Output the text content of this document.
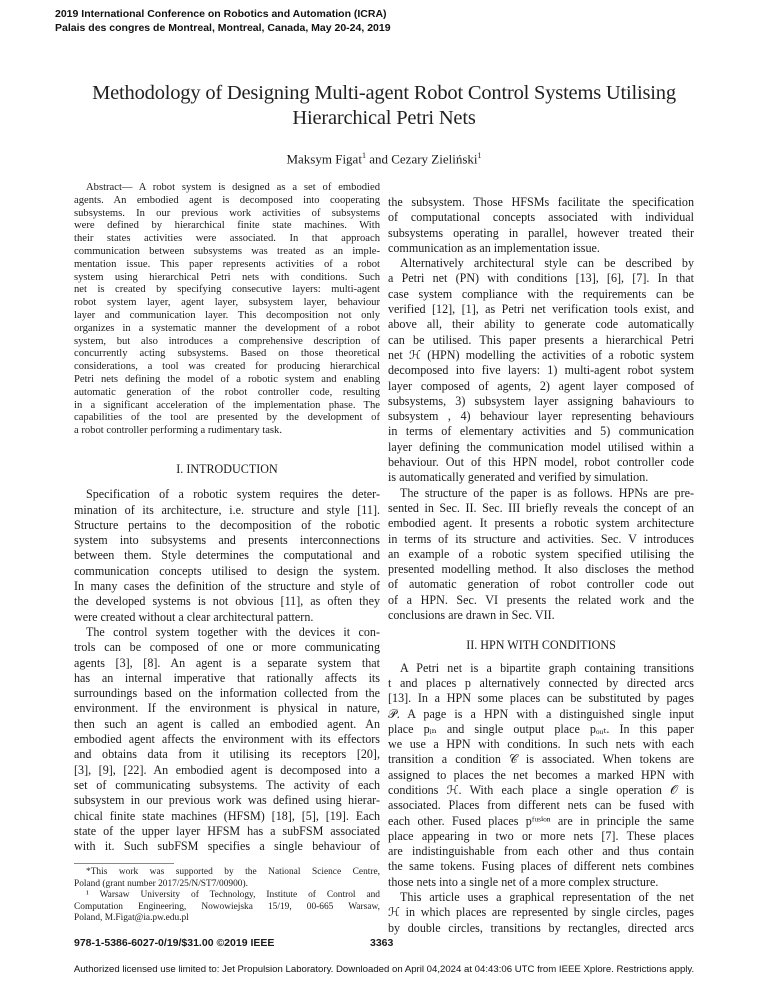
2019 International Conference on Robotics and Automation (ICRA)
Palais des congres de Montreal, Montreal, Canada, May 20-24, 2019
Methodology of Designing Multi-agent Robot Control Systems Utilising
Hierarchical Petri Nets
Maksym Figat$^1$ and Cezary Zieliński$^1$
Abstract— A robot system is designed as a set of embodied
agents. An embodied agent is decomposed into cooperating
subsystems. In our previous work activities of subsystems
were defined by hierarchical finite state machines. With
their states activities were associated. In that approach
communication between subsystems was treated as an imple-
mentation issue. This paper represents activities of a robot
system using hierarchical Petri nets with conditions. Such
net is created by specifying consecutive layers: multi-agent
robot system layer, agent layer, subsystem layer, behaviour
layer and communication layer. This decomposition not only
organizes in a systematic manner the development of a robot
system, but also introduces a comprehensive description of
concurrently acting subsystems. Based on those theoretical
considerations, a tool was created for producing hierarchical
Petri nets defining the model of a robotic system and enabling
automatic generation of the robot controller code, resulting
in a significant acceleration of the implementation phase. The
capabilities of the tool are presented by the development of
a robot controller performing a rudimentary task.
I. INTRODUCTION
Specification of a robotic system requires the deter-
mination of its architecture, i.e. structure and style [11].
Structure pertains to the decomposition of the robotic
system into subsystems and presents interconnections
between them. Style determines the computational and
communication concepts utilised to design the system.
In many cases the definition of the structure and style of
the developed systems is not obvious [11], as often they
were created without a clear architectural pattern.
The control system together with the devices it con-
trols can be composed of one or more communicating
agents [3], [8]. An agent is a separate system that
has an internal imperative that rationally affects its
surroundings based on the information collected from the
environment. If the environment is physical in nature,
then such an agent is called an embodied agent. An
embodied agent affects the environment with its effectors
and obtains data from it utilising its receptors [20],
[3], [9], [22]. An embodied agent is decomposed into a
set of communicating subsystems. The activity of each
subsystem in our previous work was defined using hierar-
chical finite state machines (HFSM) [18], [5], [19]. Each
state of the upper layer HFSM has a subFSM associated
with it. Such subFSM specifies a single behaviour of
*This work was supported by the National Science Centre,
Poland (grant number 2017/25/N/ST7/00900).
¹ Warsaw University of Technology, Institute of Control and
Computation Engineering, Nowowiejska 15/19, 00-665 Warsaw,
Poland, M.Figat@ia.pw.edu.pl
the subsystem. Those HFSMs facilitate the specification
of computational concepts associated with individual
subsystems operating in parallel, however treated their
communication as an implementation issue.
Alternatively architectural style can be described by
a Petri net (PN) with conditions [13], [6], [7]. In that
case system compliance with the requirements can be
verified [12], [1], as Petri net verification tools exist, and
above all, their ability to generate code automatically
can be utilised. This paper presents a hierarchical Petri
net ℋ (HPN) modelling the activities of a robotic system
decomposed into five layers: 1) multi-agent robot system
layer composed of agents, 2) agent layer composed of
subsystems, 3) subsystem layer assigning bahaviours to
subsystem , 4) behaviour layer representing behaviours
in terms of elementary activities and 5) communication
layer defining the communication model utilised within a
behaviour. Out of this HPN model, robot controller code
is automatically generated and verified by simulation.
The structure of the paper is as follows. HPNs are pre-
sented in Sec. II. Sec. III briefly reveals the concept of an
embodied agent. It presents a robotic system architecture
in terms of its structure and activities. Sec. V introduces
an example of a robotic system specified utilising the
presented modelling method. It also discloses the method
of automatic generation of robot controller code out
of a HPN. Sec. VI presents the related work and the
conclusions are drawn in Sec. VII.
II. HPN WITH CONDITIONS
A Petri net is a bipartite graph containing transitions
t and places p alternatively connected by directed arcs
[13]. In a HPN some places can be substituted by pages
𝒫. A page is a HPN with a distinguished single input
place pᵢₙ and single output place pₒᵤₜ. In this paper
we use a HPN with conditions. In such nets with each
transition a condition 𝒞 is associated. When tokens are
assigned to places the net becomes a marked HPN with
conditions ℋ. With each place a single operation 𝒪 is
associated. Places from different nets can be fused with
each other. Fused places pᶠᵘˢⁱᵒⁿ are in principle the same
place appearing in two or more nets [7]. These places
are indistinguishable from each other and thus contain
the same tokens. Fusing places of different nets combines
those nets into a single net of a more complex structure.
This article uses a graphical representation of the net
ℋ in which places are represented by single circles, pages
by double circles, transitions by rectangles, directed arcs
978-1-5386-6027-0/19/$31.00 ©2019 IEEE	3363
Authorized licensed use limited to: Jet Propulsion Laboratory. Downloaded on April 04,2024 at 04:43:06 UTC from IEEE Xplore. Restrictions apply.
